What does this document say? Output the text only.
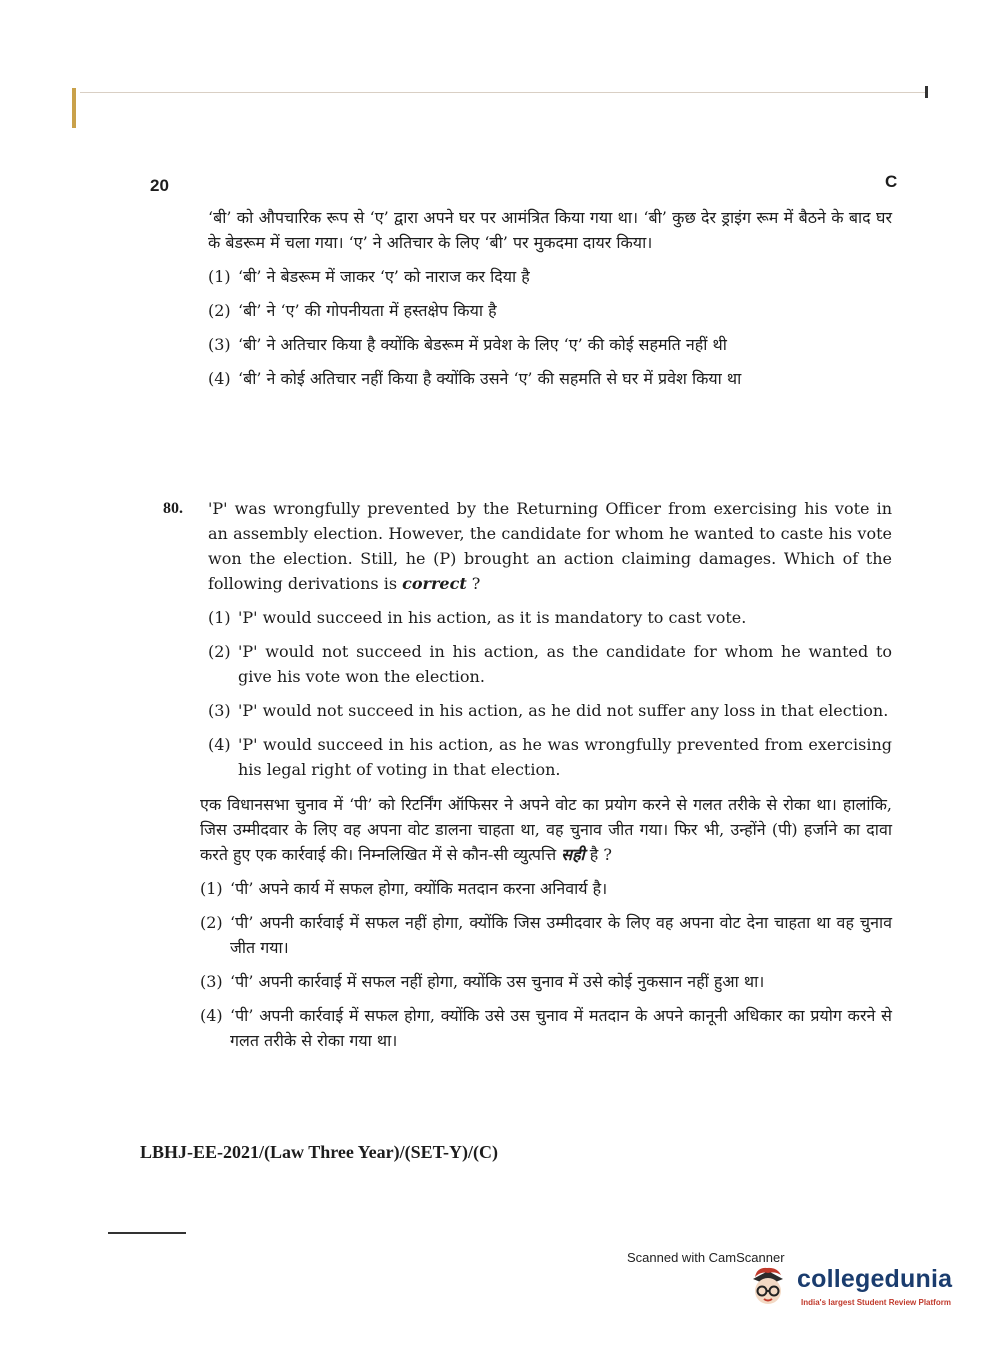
20	C
‘बी’ को औपचारिक रूप से ‘ए’ द्वारा अपने घर पर आमंत्रित किया गया था। ‘बी’ कुछ देर ड्राइंग रूम में बैठने के बाद घर के बेडरूम में चला गया। ‘ए’ ने अतिचार के लिए ‘बी’ पर मुकदमा दायर किया।
(1) ‘बी’ ने बेडरूम में जाकर ‘ए’ को नाराज कर दिया है
(2) ‘बी’ ने ‘ए’ की गोपनीयता में हस्तक्षेप किया है
(3) ‘बी’ ने अतिचार किया है क्योंकि बेडरूम में प्रवेश के लिए ‘ए’ की कोई सहमति नहीं थी
(4) ‘बी’ ने कोई अतिचार नहीं किया है क्योंकि उसने ‘ए’ की सहमति से घर में प्रवेश किया था
80. 'P' was wrongfully prevented by the Returning Officer from exercising his vote in an assembly election. However, the candidate for whom he wanted to caste his vote won the election. Still, he (P) brought an action claiming damages. Which of the following derivations is correct ?
(1) 'P' would succeed in his action, as it is mandatory to cast vote.
(2) 'P' would not succeed in his action, as the candidate for whom he wanted to give his vote won the election.
(3) 'P' would not succeed in his action, as he did not suffer any loss in that election.
(4) 'P' would succeed in his action, as he was wrongfully prevented from exercising his legal right of voting in that election.
एक विधानसभा चुनाव में ‘पी’ को रिटर्निंग ऑफिसर ने अपने वोट का प्रयोग करने से गलत तरीके से रोका था। हालांकि, जिस उम्मीदवार के लिए वह अपना वोट डालना चाहता था, वह चुनाव जीत गया। फिर भी, उन्होंने (पी) हर्जाने का दावा करते हुए एक कार्रवाई की। निम्नलिखित में से कौन-सी व्युत्पत्ति सही है ?
(1) ‘पी’ अपने कार्य में सफल होगा, क्योंकि मतदान करना अनिवार्य है।
(2) ‘पी’ अपनी कार्रवाई में सफल नहीं होगा, क्योंकि जिस उम्मीदवार के लिए वह अपना वोट देना चाहता था वह चुनाव जीत गया।
(3) ‘पी’ अपनी कार्रवाई में सफल नहीं होगा, क्योंकि उस चुनाव में उसे कोई नुकसान नहीं हुआ था।
(4) ‘पी’ अपनी कार्रवाई में सफल होगा, क्योंकि उसे उस चुनाव में मतदान के अपने कानूनी अधिकार का प्रयोग करने से गलत तरीके से रोका गया था।
LBHJ-EE-2021/(Law Three Year)/(SET-Y)/(C)
Scanned with CamScanner
collegedunia
India's largest Student Review Platform
